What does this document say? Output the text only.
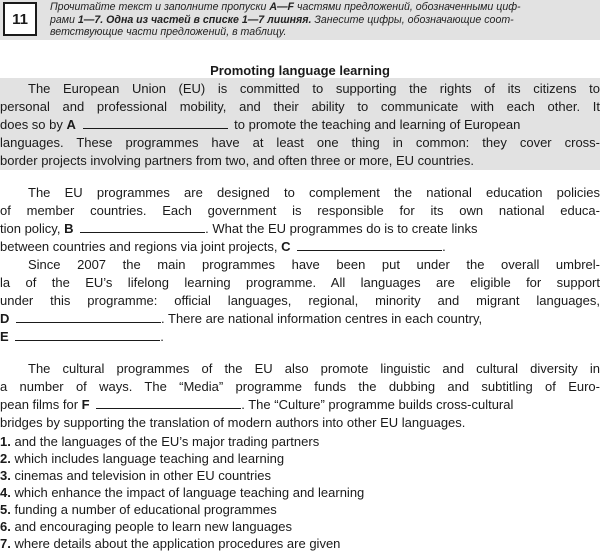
11
Прочитайте текст и заполните пропуски A—F частями предложений, обозначенными циф-
рами 1—7. Одна из частей в списке 1—7 лишняя. Занесите цифры, обозначающие соот-
ветствующие части предложений, в таблицу.
Promoting language learning
The European Union (EU) is committed to supporting the rights of its citizens to
personal and professional mobility, and their ability to communicate with each other. It
does so by A	to promote the teaching and learning of European
languages. These programmes have at least one thing in common: they cover cross-
border projects involving partners from two, and often three or more, EU countries.
The EU programmes are designed to complement the national education policies
of member countries. Each government is responsible for its own national educa-
tion policy, B	. What the EU programmes do is to create links
between countries and regions via joint projects, C	.
Since 2007 the main programmes have been put under the overall umbrel-
la of the EU’s lifelong learning programme. All languages are eligible for support
under this programme: official languages, regional, minority and migrant languages,
D	. There are national information centres in each country,
E	.
The cultural programmes of the EU also promote linguistic and cultural diversity in
a number of ways. The “Media” programme funds the dubbing and subtitling of Euro-
pean films for F	. The “Culture” programme builds cross-cultural
bridges by supporting the translation of modern authors into other EU languages.
1. and the languages of the EU’s major trading partners
2. which includes language teaching and learning
3. cinemas and television in other EU countries
4. which enhance the impact of language teaching and learning
5. funding a number of educational programmes
6. and encouraging people to learn new languages
7. where details about the application procedures are given
